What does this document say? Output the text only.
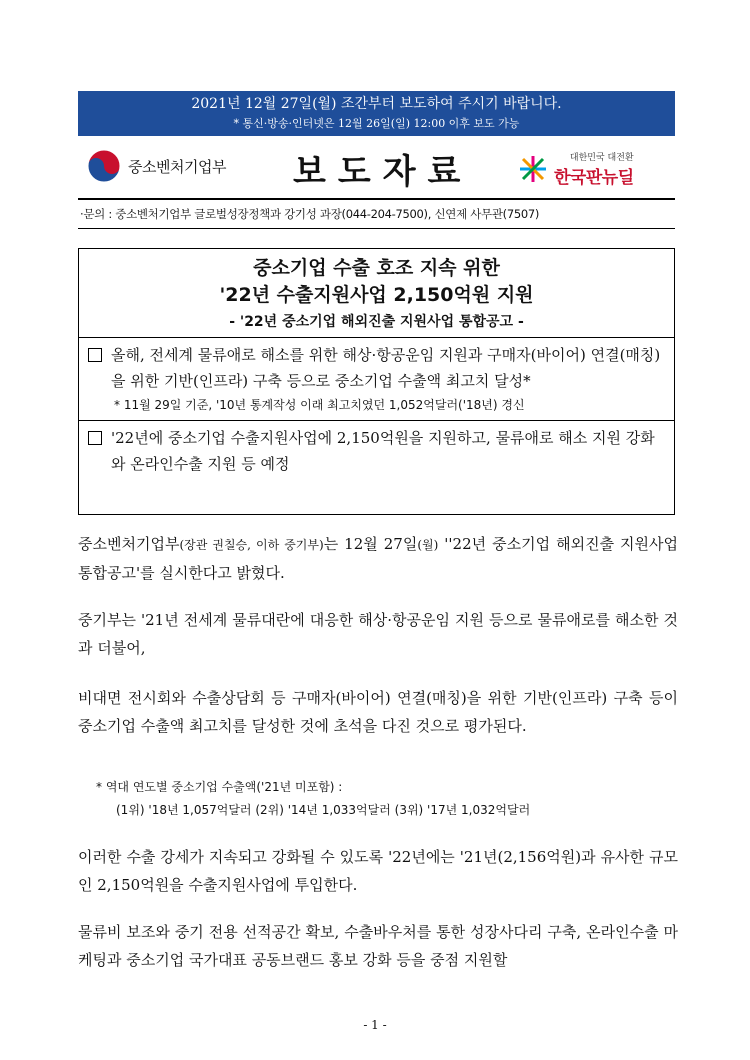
2021년 12월 27일(월) 조간부터 보도하여 주시기 바랍니다.
* 통신·방송·인터넷은 12월 26일(일) 12:00 이후 보도 가능
중소벤처기업부 보도자료	대한민국 대전환
한국판뉴딜
·문의 : 중소벤처기업부 글로벌성장정책과 강기성 과장(044-204-7500), 신연제 사무관(7507)
중소기업 수출 호조 지속 위한
'22년 수출지원사업 2,150억원 지원
- '22년 중소기업 해외진출 지원사업 통합공고 -
올해, 전세계 물류애로 해소를 위한 해상·항공운임 지원과 구매자(바이어) 연결(매칭)을 위한 기반(인프라) 구축 등으로 중소기업 수출액 최고치 달성*
* 11월 29일 기준, '10년 통계작성 이래 최고치였던 1,052억달러('18년) 경신
'22년에 중소기업 수출지원사업에 2,150억원을 지원하고, 물류애로 해소 지원 강화와 온라인수출 지원 등 예정
중소벤처기업부(장관 권칠승, 이하 중기부)는 12월 27일(월) ''22년 중소기업 해외진출 지원사업 통합공고'를 실시한다고 밝혔다.
중기부는 '21년 전세계 물류대란에 대응한 해상·항공운임 지원 등으로 물류애로를 해소한 것과 더불어,
비대면 전시회와 수출상담회 등 구매자(바이어) 연결(매칭)을 위한 기반(인프라) 구축 등이 중소기업 수출액 최고치를 달성한 것에 초석을 다진 것으로 평가된다.
* 역대 연도별 중소기업 수출액('21년 미포함) :
(1위) '18년 1,057억달러 (2위) '14년 1,033억달러 (3위) '17년 1,032억달러
이러한 수출 강세가 지속되고 강화될 수 있도록 '22년에는 '21년(2,156억원)과 유사한 규모인 2,150억원을 수출지원사업에 투입한다.
물류비 보조와 중기 전용 선적공간 확보, 수출바우처를 통한 성장사다리 구축, 온라인수출 마케팅과 중소기업 국가대표 공동브랜드 홍보 강화 등을 중점 지원할
- 1 -
